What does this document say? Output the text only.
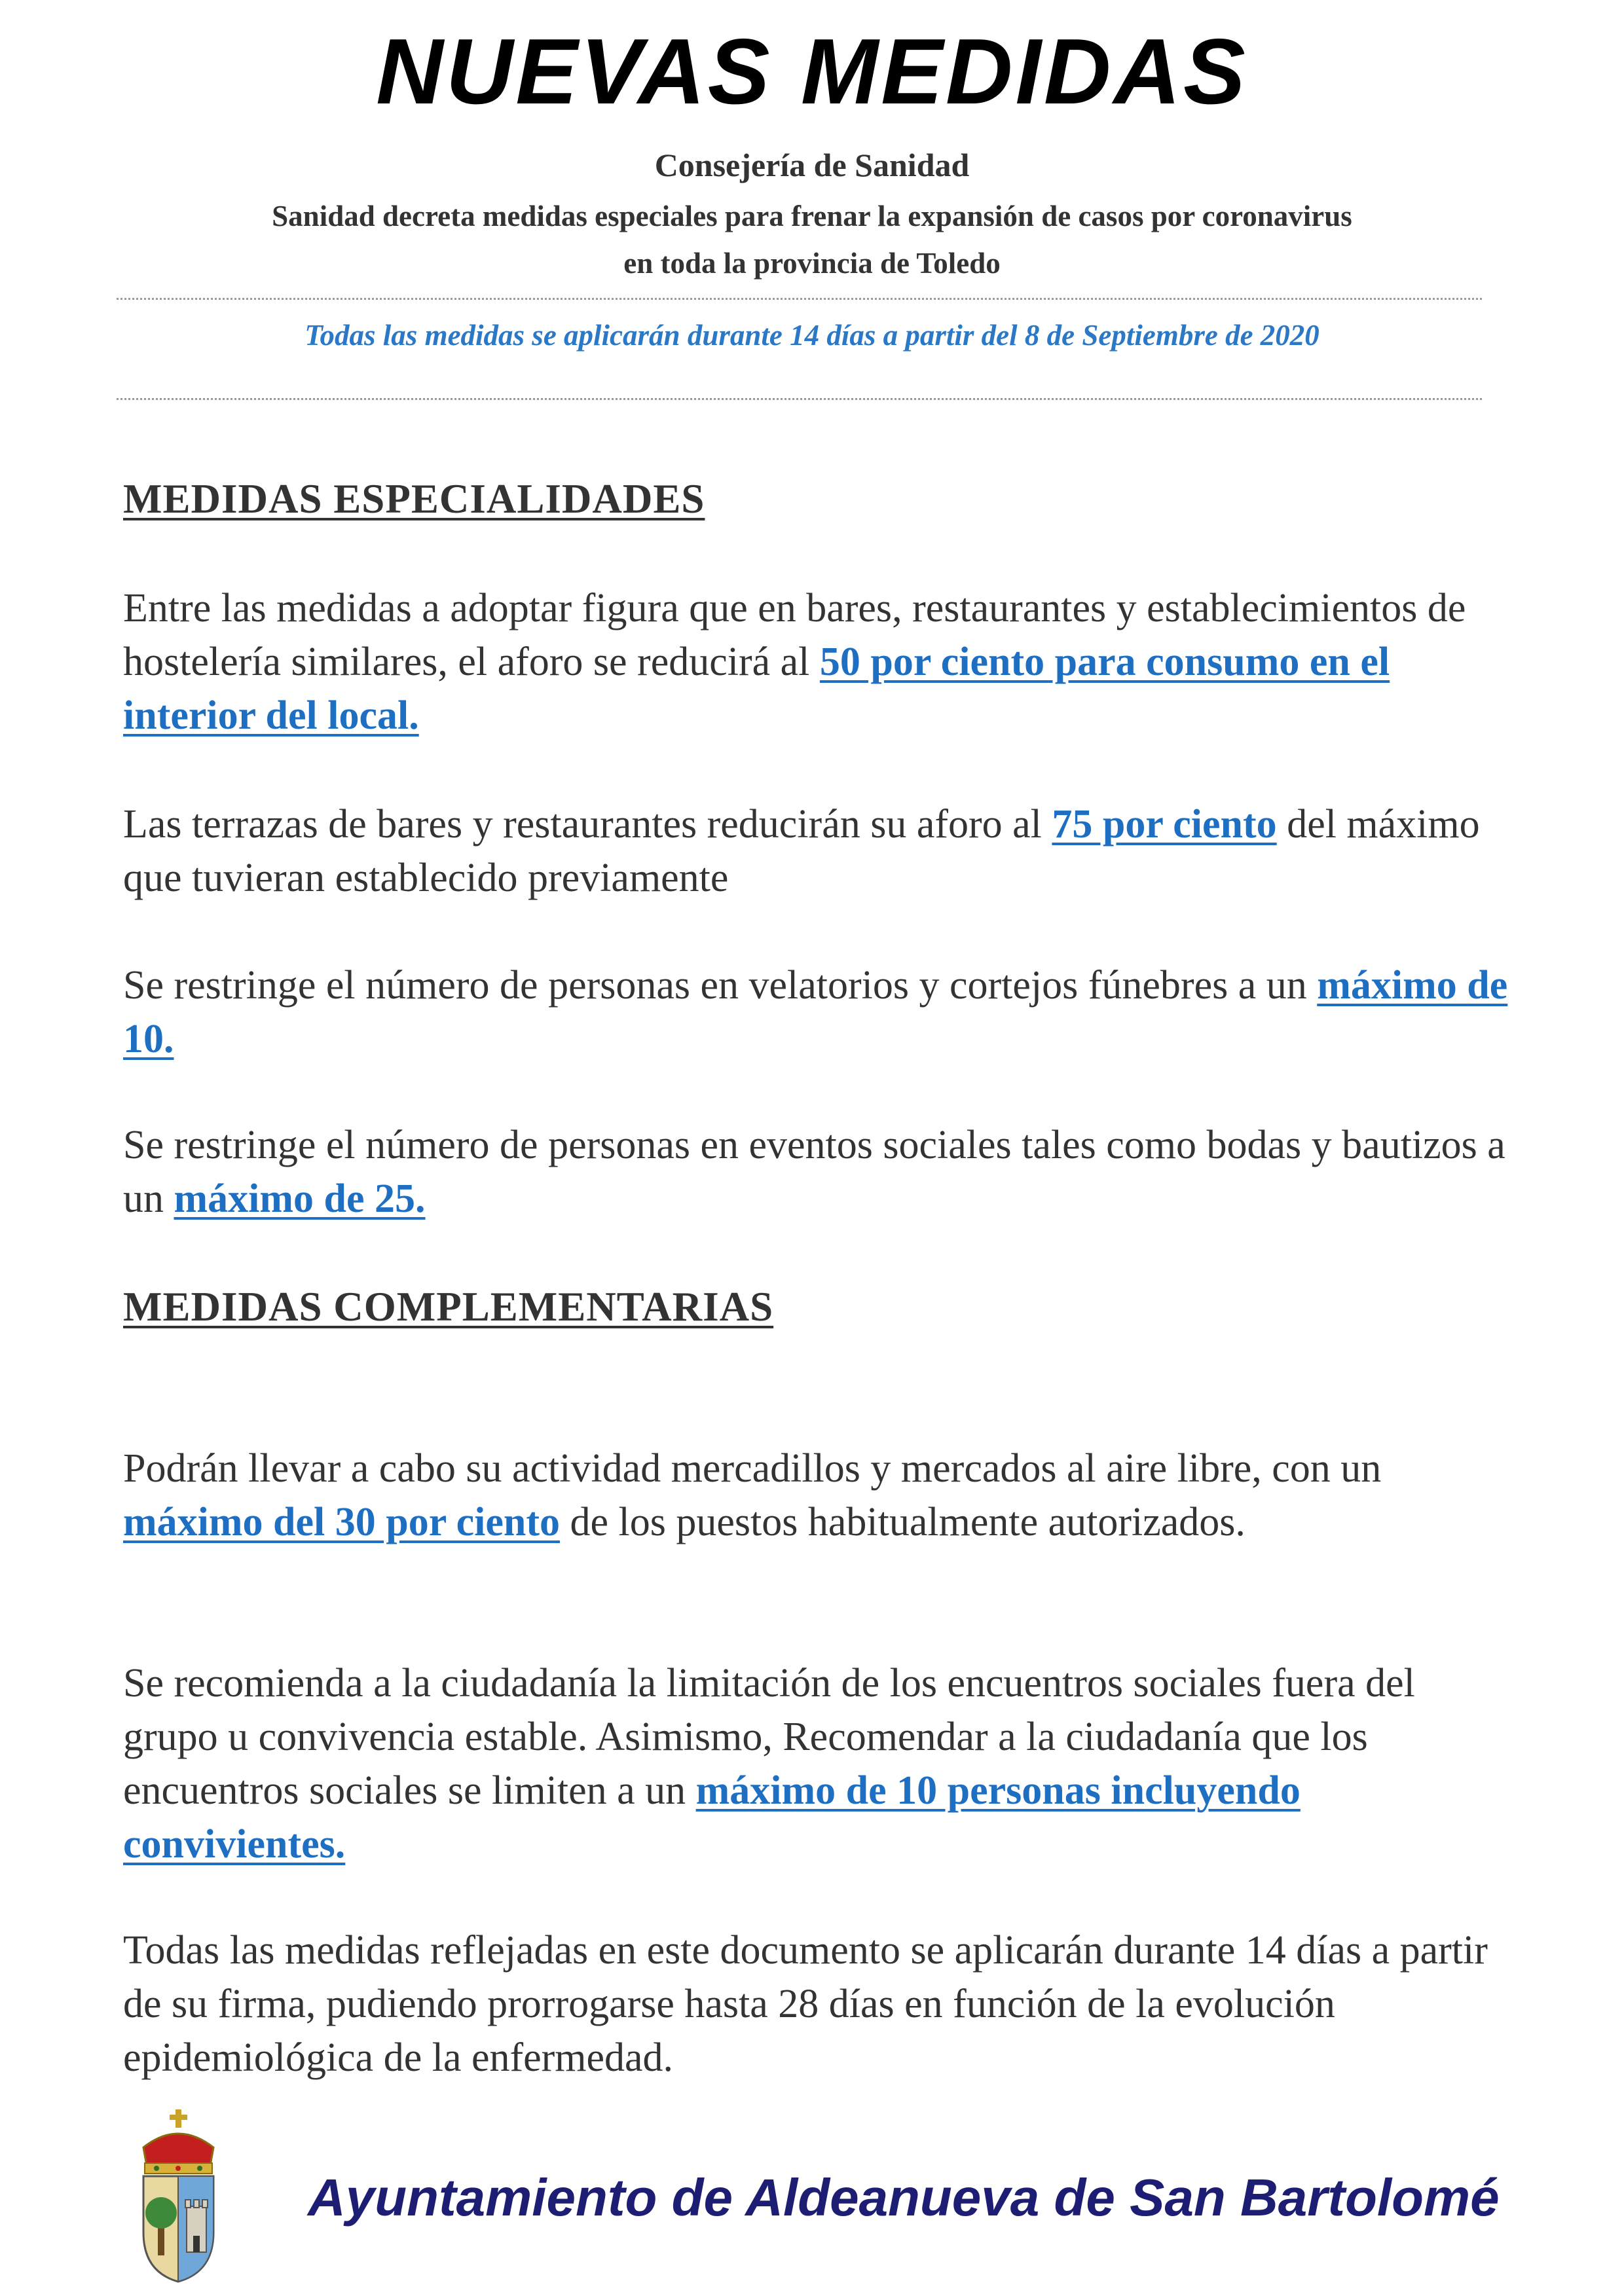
NUEVAS MEDIDAS
Consejería de Sanidad
Sanidad decreta medidas especiales para frenar la expansión de casos por coronavirus
en toda la provincia de Toledo
Todas las medidas se aplicarán durante 14 días a partir del 8 de Septiembre de 2020
MEDIDAS ESPECIALIDADES

Entre las medidas a adoptar figura que en bares, restaurantes y establecimientos de hostelería similares, el aforo se reducirá al 50 por ciento para consumo en el interior del local.

Las terrazas de bares y restaurantes reducirán su aforo al 75 por ciento del máximo que tuvieran establecido previamente

Se restringe el número de personas en velatorios y cortejos fúnebres a un máximo de 10.

Se restringe el número de personas en eventos sociales tales como bodas y bautizos a un máximo de 25.

MEDIDAS COMPLEMENTARIAS

Podrán llevar a cabo su actividad mercadillos y mercados al aire libre, con un máximo del 30 por ciento de los puestos habitualmente autorizados.

Se recomienda a la ciudadanía la limitación de los encuentros sociales fuera del grupo u convivencia estable. Asimismo, Recomendar a la ciudadanía que los encuentros sociales se limiten a un máximo de 10 personas incluyendo convivientes.

Todas las medidas reflejadas en este documento se aplicarán durante 14 días a partir de su firma, pudiendo prorrogarse hasta 28 días en función de la evolución epidemiológica de la enfermedad.

Ayuntamiento de Aldeanueva de San Bartolomé
